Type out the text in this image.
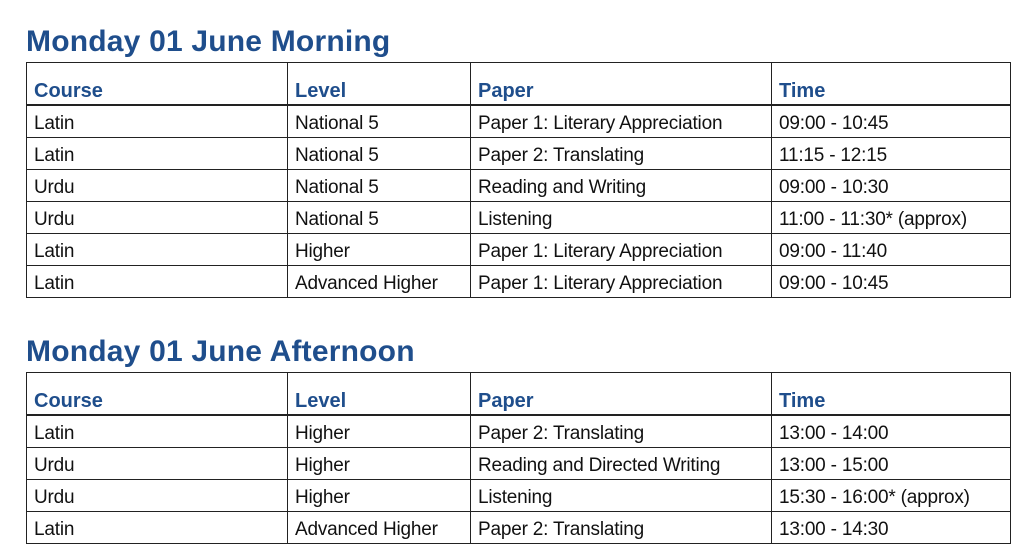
Monday 01 June Morning
Course	Level	Paper	Time
Latin	National 5	Paper 1: Literary Appreciation	09:00 - 10:45
Latin	National 5	Paper 2: Translating	11:15 - 12:15
Urdu	National 5	Reading and Writing	09:00 - 10:30
Urdu	National 5	Listening	11:00 - 11:30* (approx)
Latin	Higher	Paper 1: Literary Appreciation	09:00 - 11:40
Latin	Advanced Higher	Paper 1: Literary Appreciation	09:00 - 10:45
Monday 01 June Afternoon
Course	Level	Paper	Time
Latin	Higher	Paper 2: Translating	13:00 - 14:00
Urdu	Higher	Reading and Directed Writing	13:00 - 15:00
Urdu	Higher	Listening	15:30 - 16:00* (approx)
Latin	Advanced Higher	Paper 2: Translating	13:00 - 14:30
